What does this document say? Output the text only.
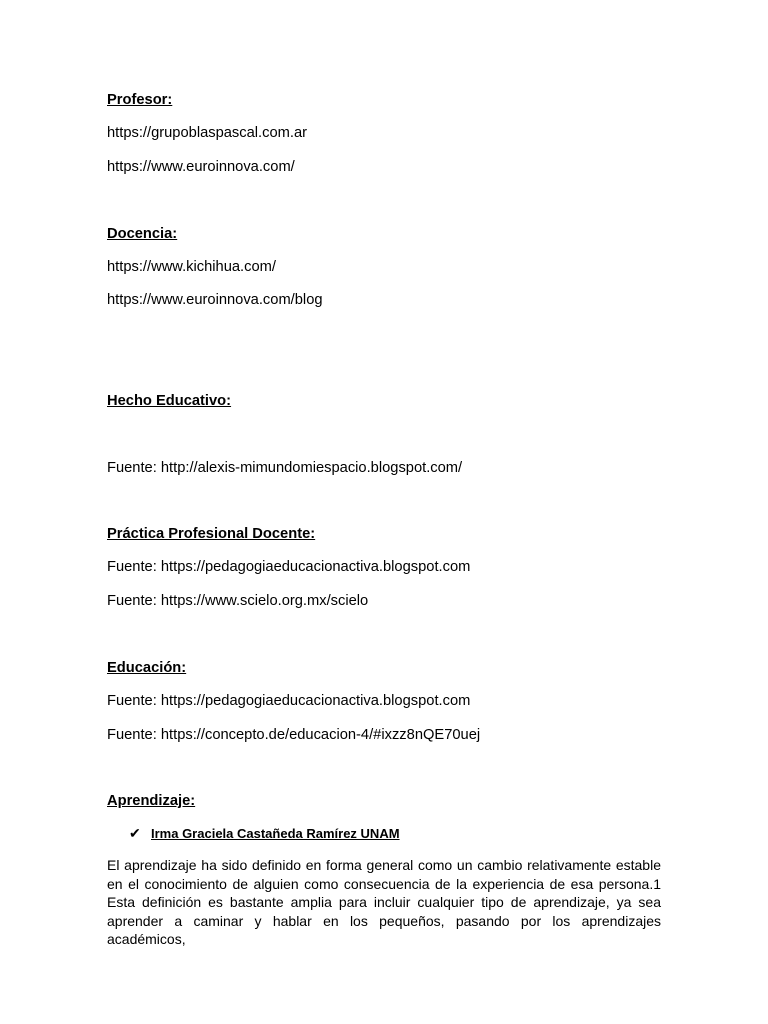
Profesor:

https://grupoblaspascal.com.ar

https://www.euroinnova.com/

Docencia:

https://www.kichihua.com/

https://www.euroinnova.com/blog

Hecho Educativo:

Fuente: http://alexis-mimundomiespacio.blogspot.com/

Práctica Profesional Docente:

Fuente: https://pedagogiaeducacionactiva.blogspot.com

Fuente: https://www.scielo.org.mx/scielo

Educación:

Fuente: https://pedagogiaeducacionactiva.blogspot.com

Fuente: https://concepto.de/educacion-4/#ixzz8nQE70uej

Aprendizaje:

✔ Irma Graciela Castañeda Ramírez UNAM

El aprendizaje ha sido definido en forma general como un cambio relativamente estable en el conocimiento de alguien como consecuencia de la experiencia de esa persona.1 Esta definición es bastante amplia para incluir cualquier tipo de aprendizaje, ya sea aprender a caminar y hablar en los pequeños, pasando por los aprendizajes académicos,
